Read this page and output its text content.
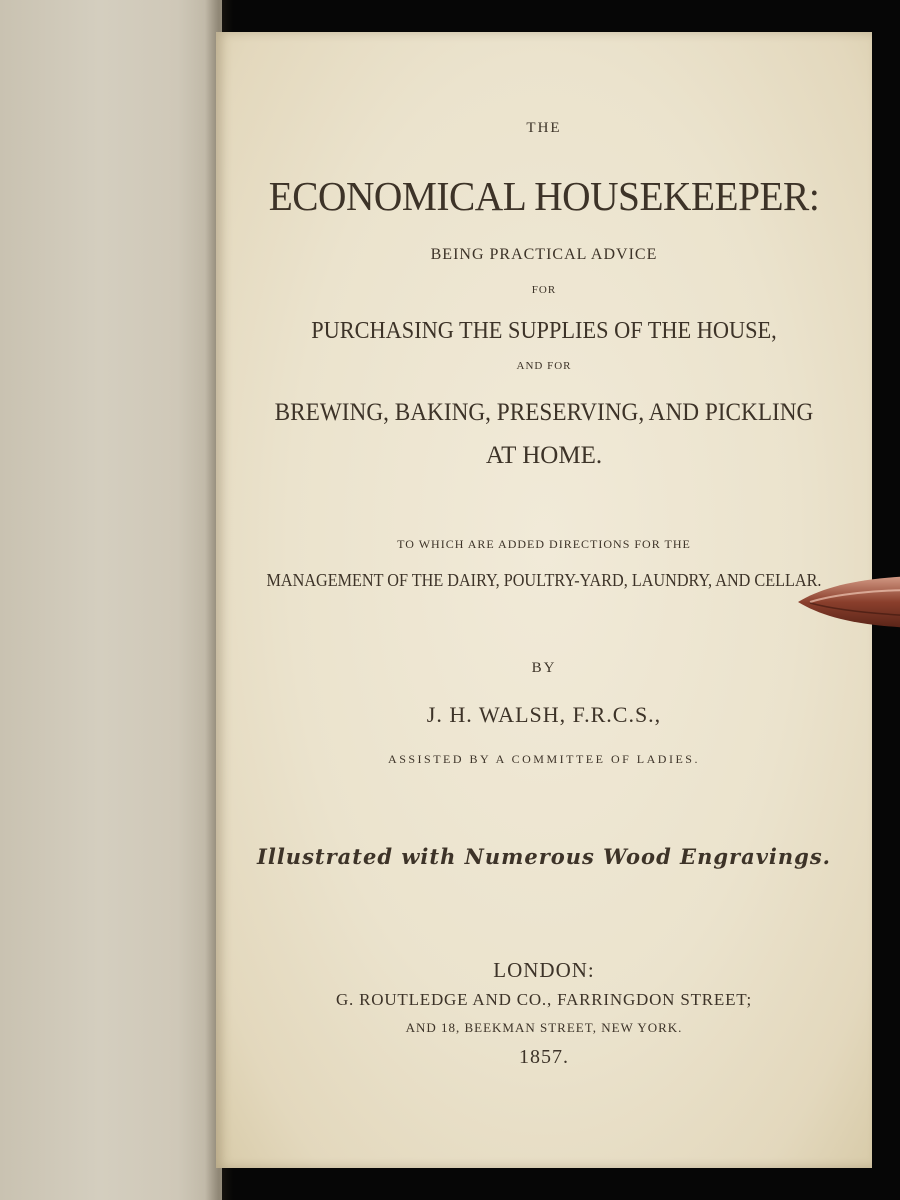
THE

ECONOMICAL HOUSEKEEPER:

BEING PRACTICAL ADVICE

FOR

PURCHASING THE SUPPLIES OF THE HOUSE,

AND FOR

BREWING, BAKING, PRESERVING, AND PICKLING

AT HOME.

TO WHICH ARE ADDED DIRECTIONS FOR THE

MANAGEMENT OF THE DAIRY, POULTRY-YARD, LAUNDRY, AND CELLAR.

BY

J. H. WALSH, F.R.C.S.,

ASSISTED BY A COMMITTEE OF LADIES.

Illustrated with Numerous Wood Engravings.

LONDON:

G. ROUTLEDGE AND CO., FARRINGDON STREET;

AND 18, BEEKMAN STREET, NEW YORK.

1857.
